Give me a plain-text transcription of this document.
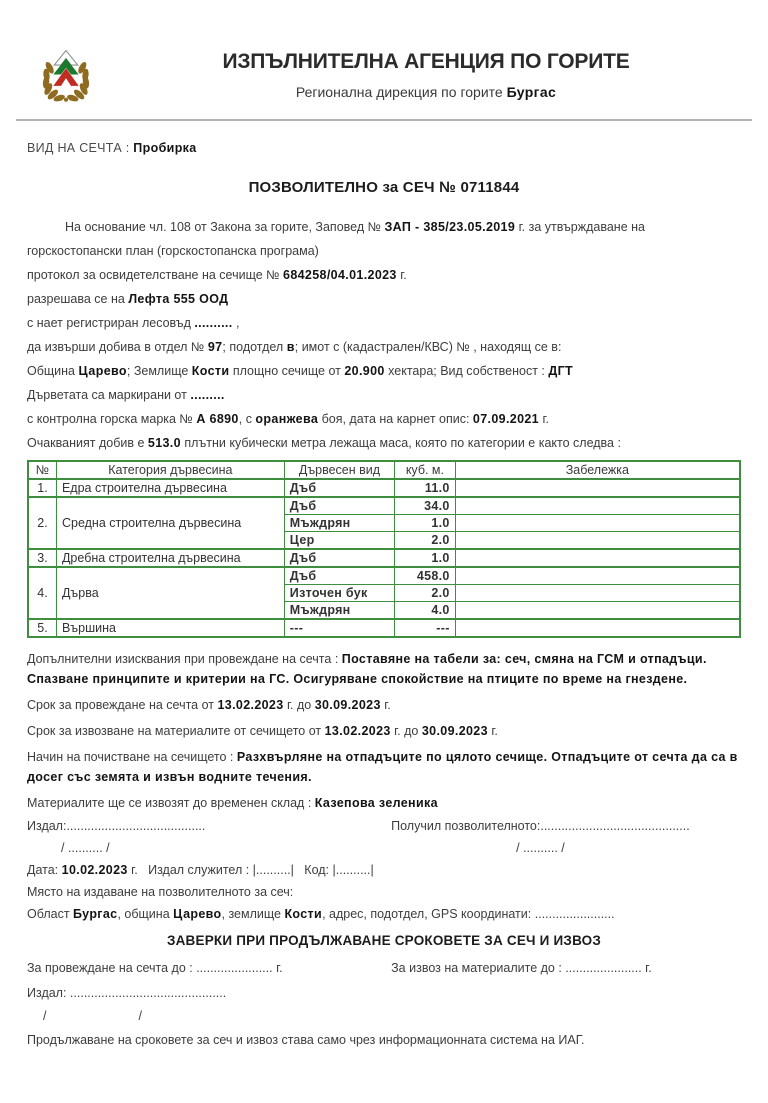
ИЗПЪЛНИТЕЛНА АГЕНЦИЯ ПО ГОРИТЕ
Регионална дирекция по горите Бургас
ВИД НА СЕЧТА : Пробирка
ПОЗВОЛИТЕЛНО за СЕЧ № 0711844

На основание чл. 108 от Закона за горите, Заповед № ЗАП - 385/23.05.2019 г. за утвърждаване на

горскостопански план (горскостопанска програма)

протокол за освидетелстване на сечище № 684258/04.01.2023 г.

разрешава се на Лефта 555 ООД

с нает регистриран лесовъд .......... ,

да извърши добива в отдел № 97; подотдел в; имот с (кадастрален/КВС) № , находящ се в:

Община Царево; Землище Кости площно сечище от 20.900 хектара; Вид собственост : ДГТ

Дърветата са маркирани от .........

с контролна горска марка № А 6890, с оранжева боя, дата на карнет опис: 07.09.2021 г.

Очакваният добив е 513.0 плътни кубически метра лежаща маса, която по категории е както следва :

№	Категория дървесина	Дървесен вид	куб. м.	Забележка
1.	Едра строителна дървесина	Дъб	11.0	
2.	Средна строителна дървесина	Дъб	34.0	
		Мъждрян	1.0	
		Цер	2.0	
3.	Дребна строителна дървесина	Дъб	1.0	
4.	Дърва	Дъб	458.0	
		Източен бук	2.0	
		Мъждрян	4.0	
5.	Вършина	---	---	

Допълнителни изисквания при провеждане на сечта : Поставяне на табели за: сеч, смяна на ГСМ и отпадъци. Спазване принципите и критерии на ГС. Осигуряване спокойствие на птиците по време на гнездене.

Срок за провеждане на сечта от 13.02.2023 г. до 30.09.2023 г.

Срок за извозване на материалите от сечището от 13.02.2023 г. до 30.09.2023 г.

Начин на почистване на сечището : Разхвърляне на отпадъците по цялото сечище. Отпадъците от сечта да са в досег със земята и извън водните течения.

Материалите ще се извозят до временен склад : Казепова зеленика

Издал:........................................	Получил позволителното:...........................................
/ .......... /	/ .......... /

Дата: 10.02.2023 г.   Издал служител : |..........|   Код: |..........|

Място на издаване на позволителното за сеч:

Област Бургас, община Царево, землище Кости, адрес, подотдел, GPS координати: .......................

ЗАВЕРКИ ПРИ ПРОДЪЛЖАВАНЕ СРОКОВЕТЕ ЗА СЕЧ И ИЗВОЗ
За провеждане на сечта до : ...................... г.	За извоз на материалите до : ...................... г.

Издал: .............................................

/	/

Продължаване на сроковете за сеч и извоз става само чрез информационната система на ИАГ.
